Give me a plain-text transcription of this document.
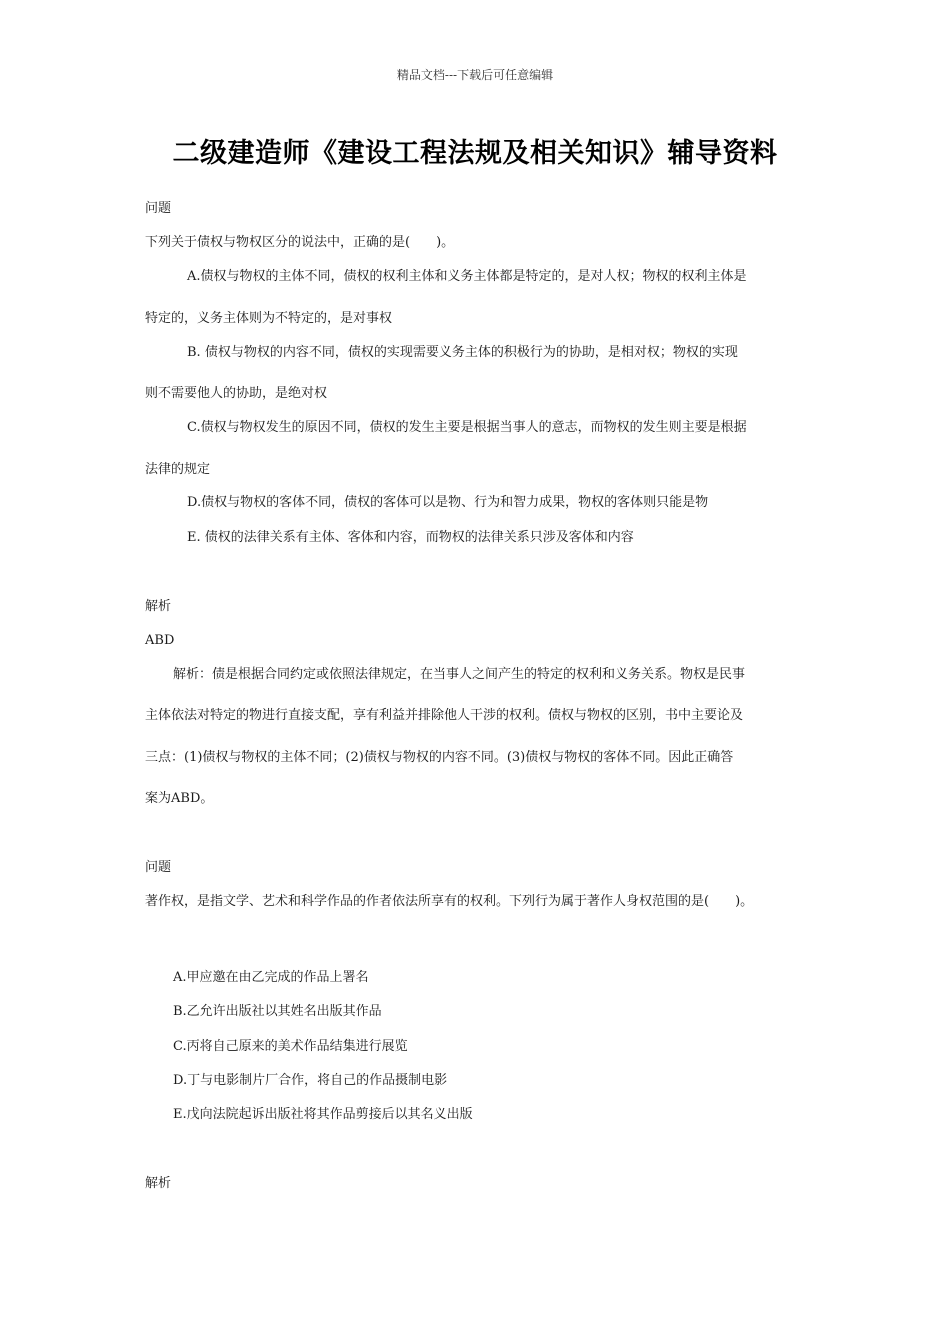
精品文档---下载后可任意编辑
二级建造师《建设工程法规及相关知识》辅导资料
问题
下列关于债权与物权区分的说法中，正确的是(　　)。
A.债权与物权的主体不同，债权的权利主体和义务主体都是特定的，是对人权；物权的权利主体是
特定的，义务主体则为不特定的，是对事权
B. 债权与物权的内容不同，债权的实现需要义务主体的积极行为的协助，是相对权；物权的实现
则不需要他人的协助，是绝对权
C.债权与物权发生的原因不同，债权的发生主要是根据当事人的意志，而物权的发生则主要是根据
法律的规定
D.债权与物权的客体不同，债权的客体可以是物、行为和智力成果，物权的客体则只能是物
E. 债权的法律关系有主体、客体和内容，而物权的法律关系只涉及客体和内容
解析
ABD
解析：债是根据合同约定或依照法律规定，在当事人之间产生的特定的权利和义务关系。物权是民事
主体依法对特定的物进行直接支配，享有利益并排除他人干涉的权利。债权与物权的区别，书中主要论及
三点：(1)债权与物权的主体不同；(2)债权与物权的内容不同。(3)债权与物权的客体不同。因此正确答
案为ABD。
问题
著作权，是指文学、艺术和科学作品的作者依法所享有的权利。下列行为属于著作人身权范围的是(　　)。
A.甲应邀在由乙完成的作品上署名
B.乙允许出版社以其姓名出版其作品
C.丙将自己原来的美术作品结集进行展览
D.丁与电影制片厂合作，将自己的作品摄制电影
E.戊向法院起诉出版社将其作品剪接后以其名义出版
解析
